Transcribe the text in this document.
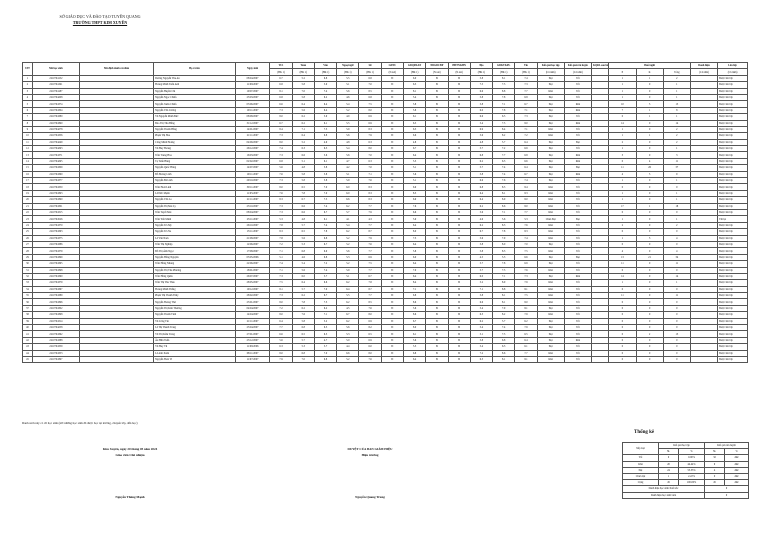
SỞ GIÁO DỤC VÀ ĐÀO TẠO TUYÊN QUANG
TRƯỜNG THPT KIM XUYÊN
STT	Mã học sinh	Mã định danh cá nhân	Họ và tên	Ngày sinh	TC1	Toán	Văn	Ngoại ngữ	Sử	GDTC	GDQP&AN	NDGDCĐP	HĐTN&HN	Địa	GDKT&PL	Tin	Kết quả học tập	Kết quả rèn luyện	KQRL sau hè	Buổi nghỉ			Danh hiệu	Lên lớp
					(HK 1)	(HK 1)	(HK 1)	(HK 1)	(HK 1)	(N.xét)	(HK 1)	(N.xét)	(N.xét)	(HK 1)	(HK 1)	(HK 1)	(Cả năm)	(Cả năm)		P	K	Tổng	(Cả năm)	(Cả năm)
1	2210704152		Dương Nguyễn Thu An	08/04/2007	6.7	5.2	6.8	5.5	6.8	Đ	6.0	Đ	Đ	5.8	8.1	7.4	Đạt	Tốt		1	1	2		Được lên lớp
2	2210704191		Hoàng Minh Tuấn Anh	11/09/2007	6.8	5.8	5.9	5.1	7.0	Đ	6.3	Đ	Đ	7.5	7.5	7.3	Đạt	Tốt		1	0	1		Được lên lớp
3	2210704187		Nguyễn Huyền Chi	19/07/2007	8.1	7.0	7.4	5.6	8.5	Đ	8.1	Đ	Đ	6.6	8.8	7.7	Khá	Tốt		1	0	1		Được lên lớp
4	2210704208		Nguyễn Ngọc Chiến	23/03/2007	6.8	5.8	6.2	4.6	6.8	Đ	5.4	Đ	Đ	5.8	7.8	6.8	Đạt	Tốt		1	0	1		Được lên lớp
5	2210704374		Nguyễn Xuân Chiến	05/06/2007	6.6	6.4	6.4	5.4	7.5	Đ	5.8	Đ	Đ	5.8	7.1	6.7	Đạt	Khá		10	5	15		Được lên lớp
6	2210704304		Nguyễn Văn Cường	19/11/2007	7.3	5.6	6.4	5.2	8.0	Đ	5.8	Đ	Đ	6.0	7.8	7.1	Đạt	Khá		7	1	8		Được lên lớp
7	2210704380		Vũ Nguyễn Minh Đức	08/08/2007	8.0	6.2	5.9	4.9	6.9	Đ	6.1	Đ	Đ	6.6	6.5	7.3	Đạt	Tốt		0	1	1		Được lên lớp
8	2210704390		Đào Thị Thu Hằng	31/12/2007	6.7	6.2	6.1	5.5	6.9	Đ	6.5	Đ	Đ	5.4	7.5	8.0	Đạt	Khá		14	0	14		Được lên lớp
9	2210704278		Nguyễn Thanh Hằng	14/01/2007	8.4	7.1	7.3	5.9	8.3	Đ	6.3	Đ	Đ	6.9	8.4	7.1	Khá	Tốt		1	0	2		Được lên lớp
10	2210704356		Phạm Thị Hoa	21/11/2007	7.3	6.4	6.8	5.6	7.9	Đ	6.6	Đ	Đ	5.6	8.2	7.2	Khá	Tốt		1	1	2		Được lên lớp
11	2210704249		Công Minh Hoàng	04/09/2007	8.0	5.2	4.9	4.8	6.3	Đ	4.8	Đ	Đ	4.8	5.7	6.4	Đạt	Đạt		2	0	2		Được lên lớp
12	2210704293		Vũ Huy Hoàng	26/12/2007	7.4	6.3	6.3	5.4	8.0	Đ	6.7	Đ	Đ	5.7	7.2	6.9	Đạt	Tốt		1	0	1		Được lên lớp
13	2210704371		Trần Trung Hòa	16/03/2007	7.3	6.6	5.6	5.6	7.0	Đ	6.4	Đ	Đ	6.8	7.7	6.8	Đạt	Khá		3	0	3		Được lên lớp
14	2210704295		Tạ Tuấn Hùng	02/02/2007	6.8	5.1	6.1	4.7	6.3	Đ	5.3	Đ	Đ	6.2	6.3	6.6	Đạt	Khá		0	4	11		Được lên lớp
15	2210704309		Nguyễn Quốc Hùng	14/07/2007	5.6	4.8	5.8	4.2	7.0	Đ	5.1	Đ	Đ	5.7	7.4	6.4	Đạt	Đạt		11	26	37		Được lên lớp
16	2210704360		Đỗ Hoàng Linh	19/11/2007	7.6	5.8	5.8	5.1	7.1	Đ	5.6	Đ	Đ	5.8	7.4	6.7	Đạt	Khá		4	5	9		Được lên lớp
17	2210704377		Nguyễn Bá Linh	29/10/2007	7.3	5.8	5.8	5.9	7.6	Đ	5.1	Đ	Đ	6.6	7.6	7.4	Đạt	Tốt		1	0	1		Được lên lớp
18	2210704350		Trần Hoài Linh	30/11/2007	8.0	6.5	7.0	6.0	8.3	Đ	6.9	Đ	Đ	6.8	8.5	8.4	Khá	Tốt		0	0	0		Được lên lớp
19	2210704393		Lê Đức Mạnh	11/05/2007	7.6	7.8	7.0	6.0	8.3	Đ	8.3	Đ	Đ	6.4	8.1	8.3	Khá	Tốt		1	0	1		Được lên lớp
20	2210704390		Nguyễn Văn Lo	21/11/2007	8.3	6.7	7.5	6.6	8.3	Đ	6.9	Đ	Đ	6.4	8.9	8.0	Khá	Tốt		1	0	1		Được lên lớp
21	2210704301		Nguyễn Thị Mai Ly	23/10/2007	7.3	6.6	7.4	6.2	7.7	Đ	7.6	Đ	Đ	6.2	8.6	8.0	Khá	Tốt		17	1	18		Được lên lớp
22	2210704315		Trần Tuyết Mai	08/04/2007	7.3	6.6	6.7	5.7	7.9	Đ	6.6	Đ	Đ	5.6	7.1	7.7	Khá	Tốt		0	0	0		Được lên lớp
23	2210704526		Trần Yến Minh	23/11/2007	5.3	4.8	6.1	4.1	4.3	Đ	5.9	Đ	Đ	4.6	5.6	5.3	Chưa Đạt	Đạt		1	0	1		Thi lại
24	2210704370		Nguyễn Trà My	26/10/2007	7.8	5.7	7.4	5.4	7.7	Đ	6.4	Đ	Đ	6.2	8.3	7.6	Khá	Tốt		2	0	2		Được lên lớp
25	2210704363		Nguyễn Trà Na	13/11/2007	8.3	6.5	7.8	6.2	8.7	Đ	8.0	Đ	Đ	6.7	7.8	8.3	Khá	Tốt		0	0	0		Được lên lớp
26	2210704375		Lê Văn Nam	21/08/2007	7.8	5.6	6.8	5.2	7.9	Đ	7.3	Đ	Đ	5.6	7.9	7.4	Khá	Tốt		1	3	4		Được lên lớp
27	2210704386		Trần Thị Nghiệp	12/06/2007	7.2	5.3	6.7	5.2	7.6	Đ	6.4	Đ	Đ	5.8	8.0	7.0	Đạt	Tốt		0	0	0		Được lên lớp
28	2210704379		Đỗ Thị Ánh Ngọc	17/08/2007	7.1	6.8	6.9	5.6	7.7	Đ	5.8	Đ	Đ	5.8	8.3	7.5	Khá	Tốt		4	0	4		Được lên lớp
29	2210704399		Nguyễn Hồng Nguyên	05/05/2006	5.1	4.6	6.8	5.3	6.9	Đ	6.0	Đ	Đ	4.5	5.3	6.6	Đạt	Đạt		13	21	34		Được lên lớp
30	2210704365		Trần Hồng Nhung	22/06/2007	7.4	5.4	7.2	5.2	7.5	Đ	6.4	Đ	Đ	5.7	7.8	6.9	Đạt	Tốt		11	0	11		Được lên lớp
31	2210704398		Nguyễn Thị Thu Phương	18/01/2007	7.1	5.6	7.4	5.9	7.7	Đ	7.0	Đ	Đ	5.7	7.5	7.6	Khá	Tốt		0	0	0		Được lên lớp
32	2210704360		Trần Hồng Quân	26/07/2007	7.3	6.0	5.7	5.1	6.7	Đ	6.4	Đ	Đ	6.0	7.1	7.3	Đạt	Khá		14	0	14		Được lên lớp
33	2210704379		Trần Thị Thu Thảo	28/05/2007	7.5	6.4	6.6	6.2	7.8	Đ	8.4	Đ	Đ	5.2	8.9	7.9	Khá	Tốt		1	0	1		Được lên lớp
34	2210704367		Hoàng Minh Thắng	19/12/2007	8.1	5.7	7.0	6.4	8.7	Đ	7.1	Đ	Đ	7.1	8.8	8.1	Khá	Tốt		0	0	0		Được lên lớp
35	2210704389		Phạm Thị Thanh Thủy	28/02/2007	7.3	6.2	6.7	5.5	7.7	Đ	6.8	Đ	Đ	5.8	8.1	7.5	Khá	Tốt		11	0	11		Được lên lớp
36	2210704396		Nguyễn Hoàng Thư	25/01/2007	8.0	7.8	7.3	6.2	8.5	Đ	8.6	Đ	Đ	6.6	8.1	8.0	Khá	Tốt		0	0	0		Được lên lớp
37	2210704302		Nguyễn Thị Kim Thương	04/04/2007	7.2	6.2	6.2	4.5	7.6	Đ	5.6	Đ	Đ	5.4	7.9	8.1	Đạt	Tốt		0	0	0		Được lên lớp
38	2210704398		Nguyễn Thanh Tình	14/04/2007	8.0	7.6	7.1	6.7	8.0	Đ	8.6	Đ	Đ	6.3	8.2	7.9	Khá	Tốt		0	0	0		Được lên lớp
39	2210704314		Vũ Công Tín	21/11/2007	6.4	5.8	5.2	6.2	6.9	Đ	6.7	Đ	Đ	6.2	5.7	6.2	Đạt	Tốt		0	0	0		Được lên lớp
40	2210704258		Lê Thị Thanh Trang	25/04/2007	7.7	6.8	6.3	5.6	8.2	Đ	8.0	Đ	Đ	5.4	7.4	7.9	Đạt	Tốt		0	0	0		Được lên lớp
41	2210704362		Vũ Thị Kiều Trang	27/01/2007	6.6	6.5	6.3	5.3	6.5	Đ	6.1	Đ	Đ	5.1	7.5	6.5	Đạt	Tốt		0	2	13		Được lên lớp
42	2210704388		Âu Hữu Tuấn	25/12/2007	5.6	5.7	4.7	5.0	6.9	Đ	5.6	Đ	Đ	5.8	6.8	6.4	Đạt	Khá		0	0	0		Được lên lớp
43	2210704359		Vũ Huy Vũ	11/09/2006	6.3	5.3	5.7	4.4	6.0	Đ	5.3	Đ	Đ	5.4	6.3	6.1	Đạt	Tốt		0	0	0		Được lên lớp
44	2210704353		Lê Anh Xuân	08/11/2007	8.0	6.8	7.0	6.6	8.0	Đ	6.8	Đ	Đ	7.2	8.6	7.7	Khá	Tốt		0	0	0		Được lên lớp
45	2210704397		Nguyễn Hoài Vi	11/07/2007	7.9	7.0	6.8	5.2	7.6	Đ	6.4	Đ	Đ	6.3	8.1	8.1	Khá	Tốt		0	0	0		Được lên lớp
Danh sách này có 45 học sinh (nữ: những học sinh đã được học tại trường, chuyển lớp, đến học)
Thống kê
Xếp loại	Kết quả học tập		Kết quả rèn luyện	
	SL	%	SL	%
Tốt	0	0.00%	32	###
Khá	20	44.44%	9	###
Đạt	24	53.33%	4	###
Chưa đạt	1	2.22%	0	###
Cộng	45	100.00%	45	###
Danh hiệu học sinh Xuất sắc			0	
Danh hiệu học sinh Giỏi			0	
Kim Xuyên, ngày 20 tháng 05 năm 2024
Giáo viên Chủ nhiệm
Nguyễn Thùng Mạnh
DUYỆT CỦA BAN GIÁM HIỆU
Hiệu trưởng
Nguyễn Quang Trung
